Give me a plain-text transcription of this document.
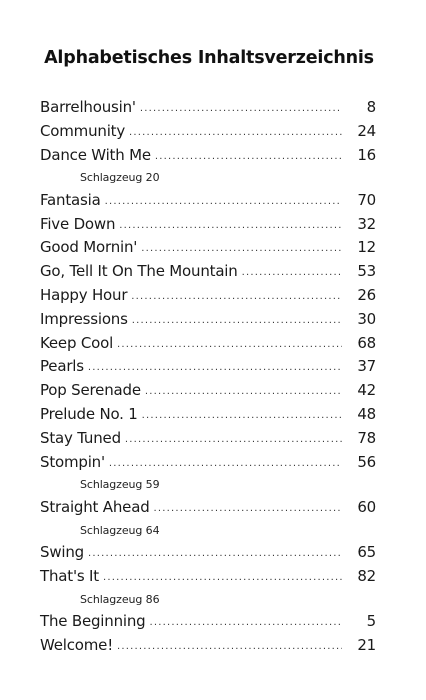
Alphabetisches Inhaltsverzeichnis
Barrelhousin' .....	8
Community .....	24
Dance With Me .....	16
Schlagzeug 20
Fantasia .....	70
Five Down .....	32
Good Mornin' .....	12
Go, Tell It On The Mountain .....	53
Happy Hour .....	26
Impressions .....	30
Keep Cool .....	68
Pearls .....	37
Pop Serenade .....	42
Prelude No. 1 .....	48
Stay Tuned .....	78
Stompin' .....	56
Schlagzeug 59
Straight Ahead .....	60
Schlagzeug 64
Swing .....	65
That's It .....	82
Schlagzeug 86
The Beginning .....	5
Welcome! .....	21
